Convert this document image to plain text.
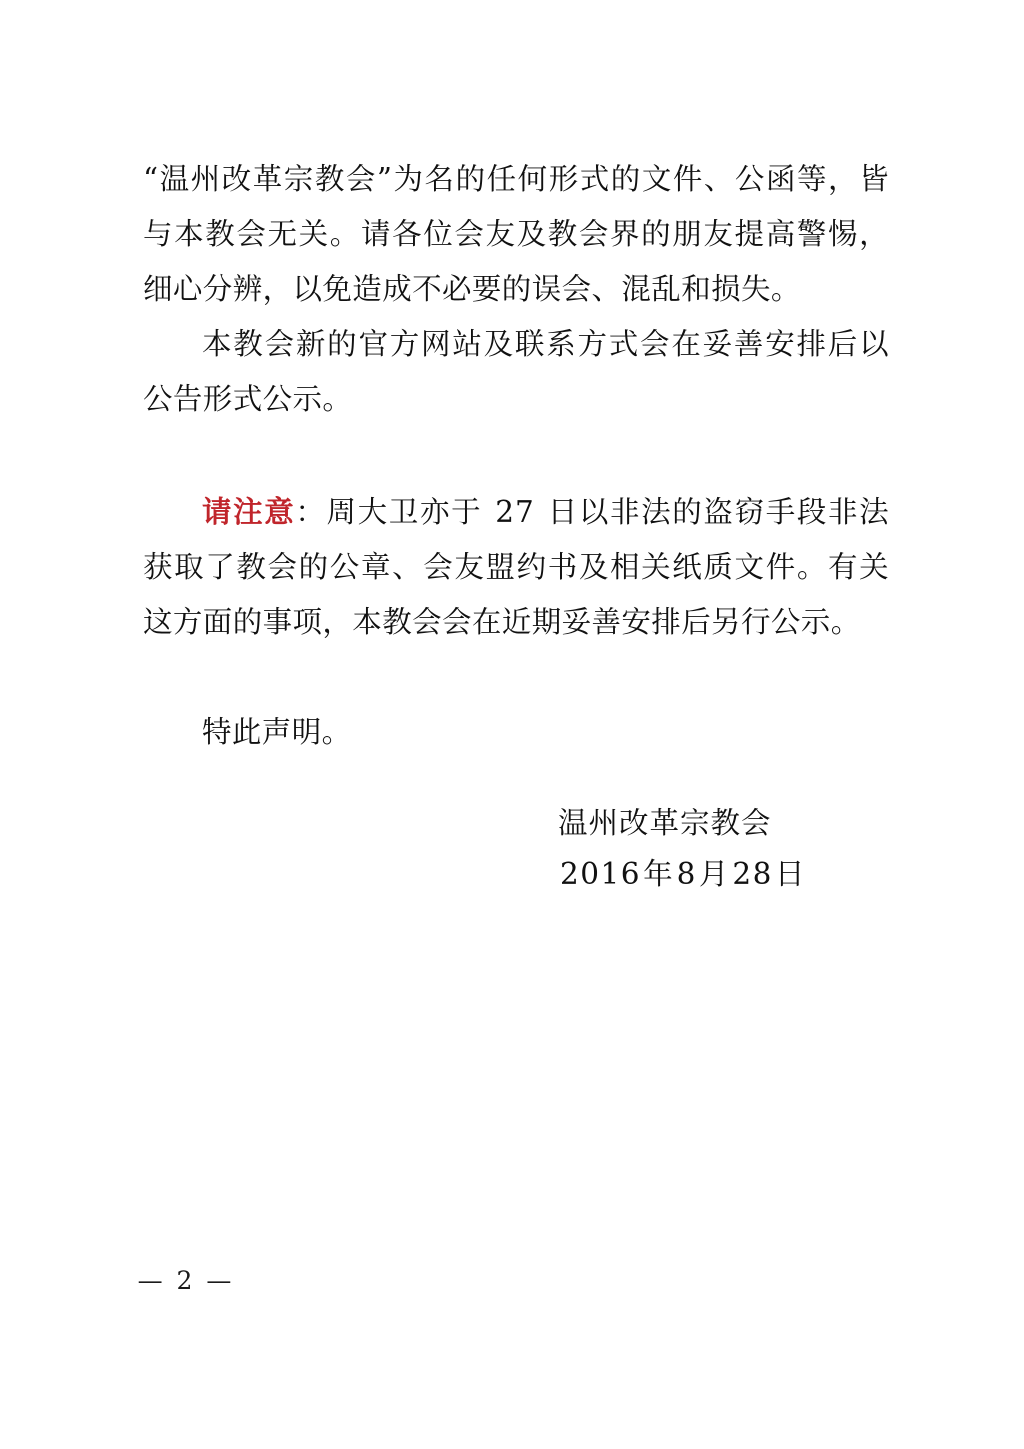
“温州改革宗教会”为名的任何形式的文件、公函等，皆与本教会无关。请各位会友及教会界的朋友提高警惕，细心分辨，以免造成不必要的误会、混乱和损失。

本教会新的官方网站及联系方式会在妥善安排后以公告形式公示。

请注意：周大卫亦于 27 日以非法的盗窃手段非法获取了教会的公章、会友盟约书及相关纸质文件。有关这方面的事项，本教会会在近期妥善安排后另行公示。

特此声明。

温州改革宗教会

2016年8月28日

— 2 —
